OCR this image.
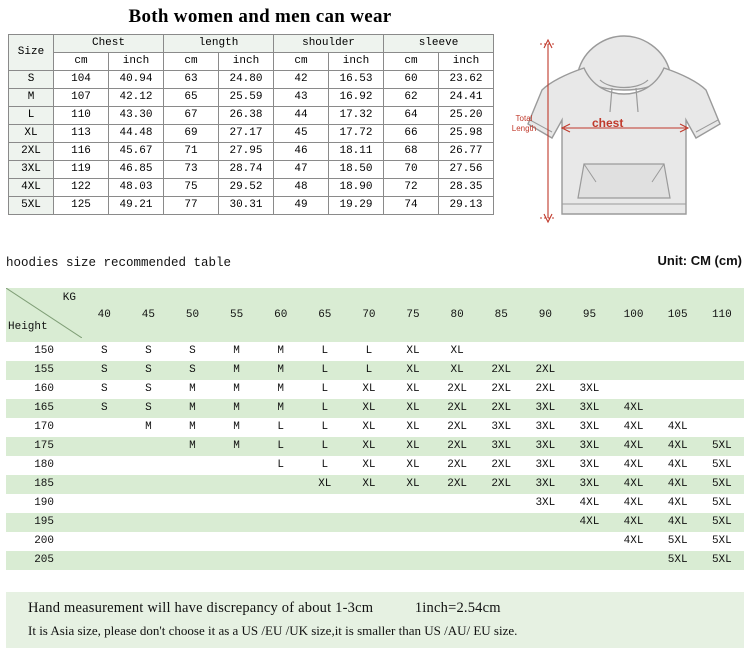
Both women and men can wear
Size	Chest		length		shoulder		sleeve	
	cm	inch	cm	inch	cm	inch	cm	inch
S	104	40.94	63	24.80	42	16.53	60	23.62
M	107	42.12	65	25.59	43	16.92	62	24.41
L	110	43.30	67	26.38	44	17.32	64	25.20
XL	113	44.48	69	27.17	45	17.72	66	25.98
2XL	116	45.67	71	27.95	46	18.11	68	26.77
3XL	119	46.85	73	28.74	47	18.50	70	27.56
4XL	122	48.03	75	29.52	48	18.90	72	28.35
5XL	125	49.21	77	30.31	49	19.29	74	29.13
Total
Length	chest
hoodies size recommended table	Unit: CM (cm)
KG
Height	40	45	50	55	60	65	70	75	80	85	90	95	100	105	110
150	S	S	S	M	M	L	L	XL	XL						
155	S	S	S	M	M	L	L	XL	XL	2XL	2XL				
160	S	S	M	M	M	L	XL	XL	2XL	2XL	2XL	3XL			
165	S	S	M	M	M	L	XL	XL	2XL	2XL	3XL	3XL	4XL		
170		M	M	M	L	L	XL	XL	2XL	3XL	3XL	3XL	4XL	4XL	
175			M	M	L	L	XL	XL	2XL	3XL	3XL	3XL	4XL	4XL	5XL
180					L	L	XL	XL	2XL	2XL	3XL	3XL	4XL	4XL	5XL
185						XL	XL	XL	2XL	2XL	3XL	3XL	4XL	4XL	5XL
190											3XL	4XL	4XL	4XL	5XL
195												4XL	4XL	4XL	5XL
200													4XL	5XL	5XL
205														5XL	5XL
Hand measurement will have discrepancy of about 1-3cm	1inch=2.54cm
It is Asia size, please don't choose it as a US /EU /UK size,it is smaller than US /AU/ EU size.
